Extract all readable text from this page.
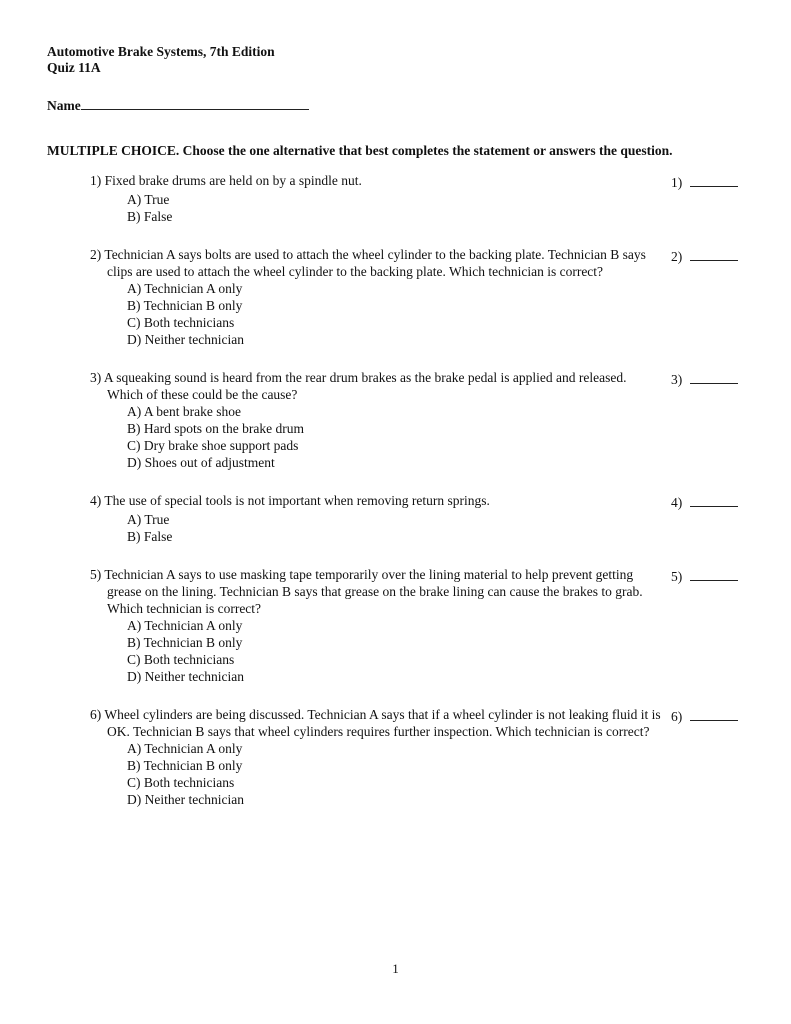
Automotive Brake Systems, 7th Edition
Quiz 11A
Name
MULTIPLE CHOICE. Choose the one alternative that best completes the statement or answers the question.
1) Fixed brake drums are held on by a spindle nut.	1)
A) True
B) False
2) Technician A says bolts are used to attach the wheel cylinder to the backing plate. Technician B says clips are used to attach the wheel cylinder to the backing plate. Which technician is correct?
2)
A) Technician A only
B) Technician B only
C) Both technicians
D) Neither technician
3) A squeaking sound is heard from the rear drum brakes as the brake pedal is applied and released. Which of these could be the cause?
3)
A) A bent brake shoe
B) Hard spots on the brake drum
C) Dry brake shoe support pads
D) Shoes out of adjustment
4) The use of special tools is not important when removing return springs.	4)
A) True
B) False
5) Technician A says to use masking tape temporarily over the lining material to help prevent getting grease on the lining. Technician B says that grease on the brake lining can cause the brakes to grab. Which technician is correct?
5)
A) Technician A only
B) Technician B only
C) Both technicians
D) Neither technician
6) Wheel cylinders are being discussed. Technician A says that if a wheel cylinder is not leaking fluid it is OK. Technician B says that wheel cylinders requires further inspection. Which technician is correct?
6)
A) Technician A only
B) Technician B only
C) Both technicians
D) Neither technician
1
